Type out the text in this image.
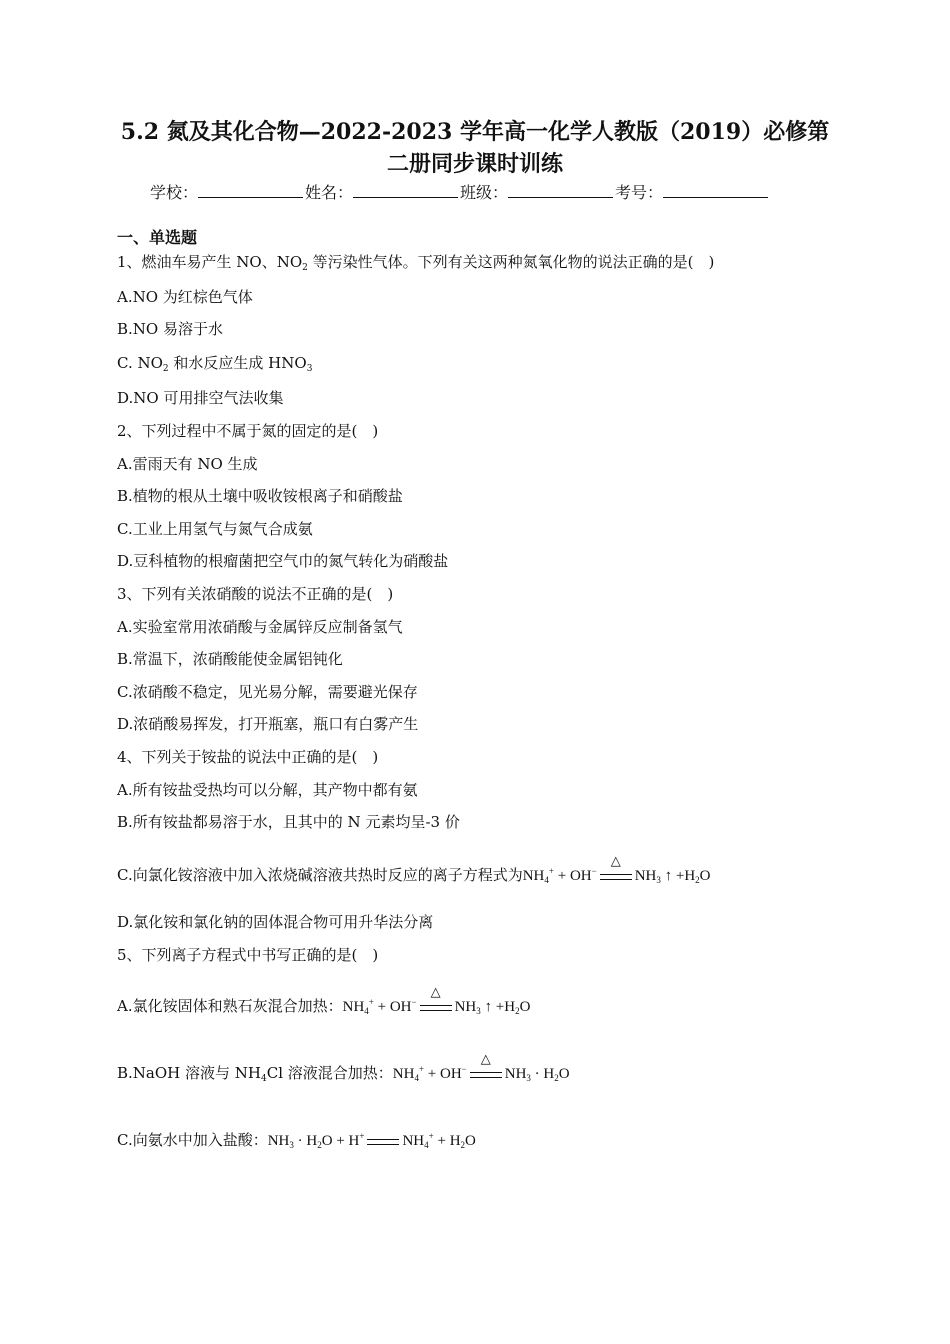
5.2 氮及其化合物—2022-2023 学年高一化学人教版（2019）必修第
二册同步课时训练
学校：	姓名：	班级：	考号：
一、单选题
1、燃油车易产生 NO、$NO_2$ 等污染性气体。下列有关这两种氮氧化物的说法正确的是(　)
A.NO 为红棕色气体
B.NO 易溶于水
C. $NO_2$ 和水反应生成 $HNO_3$
D.NO 可用排空气法收集
2、下列过程中不属于氮的固定的是(　)
A.雷雨天有 NO 生成
B.植物的根从土壤中吸收铵根离子和硝酸盐
C.工业上用氢气与氮气合成氨
D.豆科植物的根瘤菌把空气巾的氮气转化为硝酸盐
3、下列有关浓硝酸的说法不正确的是(　)
A.实验室常用浓硝酸与金属锌反应制备氢气
B.常温下，浓硝酸能使金属铝钝化
C.浓硝酸不稳定，见光易分解，需要避光保存
D.浓硝酸易挥发，打开瓶塞，瓶口有白雾产生
4、下列关于铵盐的说法中正确的是(　)
A.所有铵盐受热均可以分解，其产物中都有氨
B.所有铵盐都易溶于水，且其中的 N 元素均呈-3 价
C.向氯化铵溶液中加入浓烧碱溶液共热时反应的离子方程式为$NH_4^+ + OH^-$
△
$NH_3$ ↑ $+H_2O$
D.氯化铵和氯化钠的固体混合物可用升华法分离
5、下列离子方程式中书写正确的是(　)
A.氯化铵固体和熟石灰混合加热：$NH_4^+ + OH^-$
△
$NH_3$ ↑ $+H_2O$
B.NaOH 溶液与 $NH_4Cl$ 溶液混合加热：$NH_4^+ + OH^-$
△
$NH_3 \cdot H_2O$
C.向氨水中加入盐酸：$NH_3 \cdot H_2O + H^+$	$NH_4^+ + H_2O$
